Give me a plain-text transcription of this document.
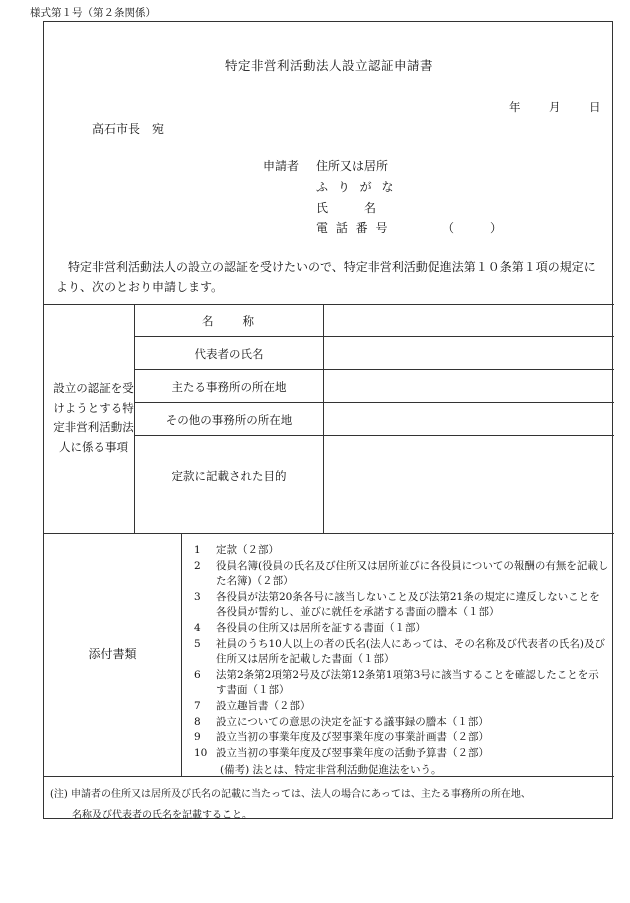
様式第１号（第２条関係）
特定非営利活動法人設立認証申請書
年 月 日
高石市長　宛
申請者 住所又は居所
ふ り が な
氏　　　名
電 話 番 号	（　　　）
　特定非営利活動法人の設立の認証を受けたいので、特定非営利活動促進法第１０条第１項の規定により、次のとおり申請します。
設立の認証を受けようとする特定非営利活動法人に係る事項
名　　称
代表者の氏名
主たる事務所の所在地
その他の事務所の所在地
定款に記載された目的
添付書類
1	定款（２部）
2	役員名簿(役員の氏名及び住所又は居所並びに各役員についての報酬の有無を記載した名簿)（２部）
3	各役員が法第20条各号に該当しないこと及び法第21条の規定に違反しないことを各役員が誓約し、並びに就任を承諾する書面の謄本（１部）
4	各役員の住所又は居所を証する書面（１部）
5	社員のうち10人以上の者の氏名(法人にあっては、その名称及び代表者の氏名)及び住所又は居所を記載した書面（１部）
6	法第2条第2項第2号及び法第12条第1項第3号に該当することを確認したことを示す書面（１部）
7	設立趣旨書（２部）
8	設立についての意思の決定を証する議事録の謄本（１部）
9	設立当初の事業年度及び翌事業年度の事業計画書（２部）
10 設立当初の事業年度及び翌事業年度の活動予算書（２部）
(備考) 法とは、特定非営利活動促進法をいう。
(注) 申請者の住所又は居所及び氏名の記載に当たっては、法人の場合にあっては、主たる事務所の所在地、
名称及び代表者の氏名を記載すること。
